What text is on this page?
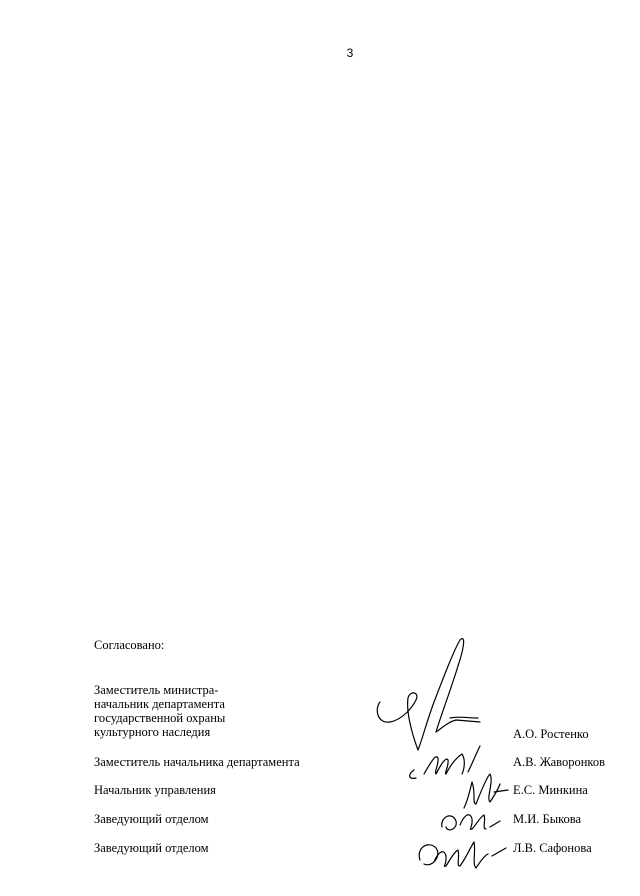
3
Согласовано:
Заместитель министра-
начальник департамента
государственной охраны
культурного наследия	А.О. Ростенко
Заместитель начальника департамента	А.В. Жаворонков
Начальник управления	Е.С. Минкина
Заведующий отделом	М.И. Быкова
Заведующий отделом	Л.В. Сафонова
